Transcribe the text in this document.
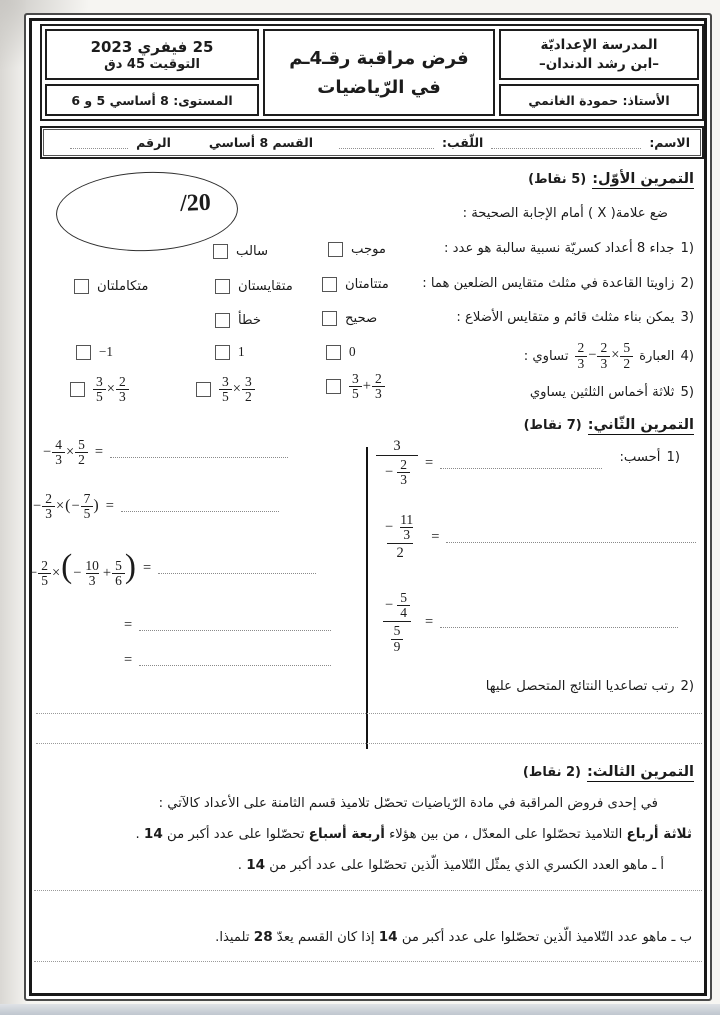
25 فيفري 2023
التوقيت 45 دق
المستوى: 8 أساسي 5 و 6
فرض مراقبة رقـ4ـم
في الرّياضيات
المدرسة الإعداديّة
–ابن رشد الدندان–
الأستاذ: حمودة الغانمي
الاسم:
اللّقب:
القسم 8 أساسي
الرقم
/20
التمرين الأوّل:
(5 نقاط)
ضع علامة( X ) أمام الإجابة الصحيحة :
1)
جداء 8 أعداد كسريّة نسبية سالبة هو عدد :
موجب
سالب
2)
زاويتا القاعدة في مثلث متقايس الضلعين هما :
متتامتان
متقايستان
متكاملتان
3)
يمكن بناء مثلث قائم و متقايس الأضلاع :
صحيح
خطأ
4)
العبارة
$\frac{2}{3} - \frac{2}{3} \times \frac{5}{2}$
تساوي :
0
1
−1
5)
ثلاثة أخماس الثلثين يساوي
$\frac{3}{5} + \frac{2}{3}$
$\frac{3}{5} \times \frac{3}{2}$
$\frac{3}{5} \times \frac{2}{3}$
التمرين الثّاني:
(7 نقاط)
1)
أحسب:
− $\frac{4}{3} \times \frac{5}{2}$ =
− $\frac{2}{3}$ ×(− $\frac{7}{5}$ ) =
− $\frac{2}{5}$ ×(− $\frac{10}{3} + \frac{5}{6}$ ) =
=
=
$\frac{3}{- \frac{2}{3}}$ =
$\frac{- \frac{11}{3}}{2}$ =
$\frac{- \frac{5}{4}}{\frac{5}{9}}$ =
2)
رتب تصاعديا النتائج المتحصل عليها
التمرين الثالث:
(2 نقاط)
في إحدى فروض المراقبة في مادة الرّياضيات تحصّل تلاميذ قسم الثامنة على الأعداد كالآتي :
ثلاثة أرباع التلاميذ تحصّلوا على المعدّل ، من بين هؤلاء أربعة أسباع تحصّلوا على عدد أكبر من 14 .
أ ـ ماهو العدد الكسري الذي يمثّل التّلاميذ الّذين تحصّلوا على عدد أكبر من 14 .
ب ـ ماهو عدد التّلاميذ الّذين تحصّلوا على عدد أكبر من 14 إذا كان القسم يعدّ 28 تلميذا.
